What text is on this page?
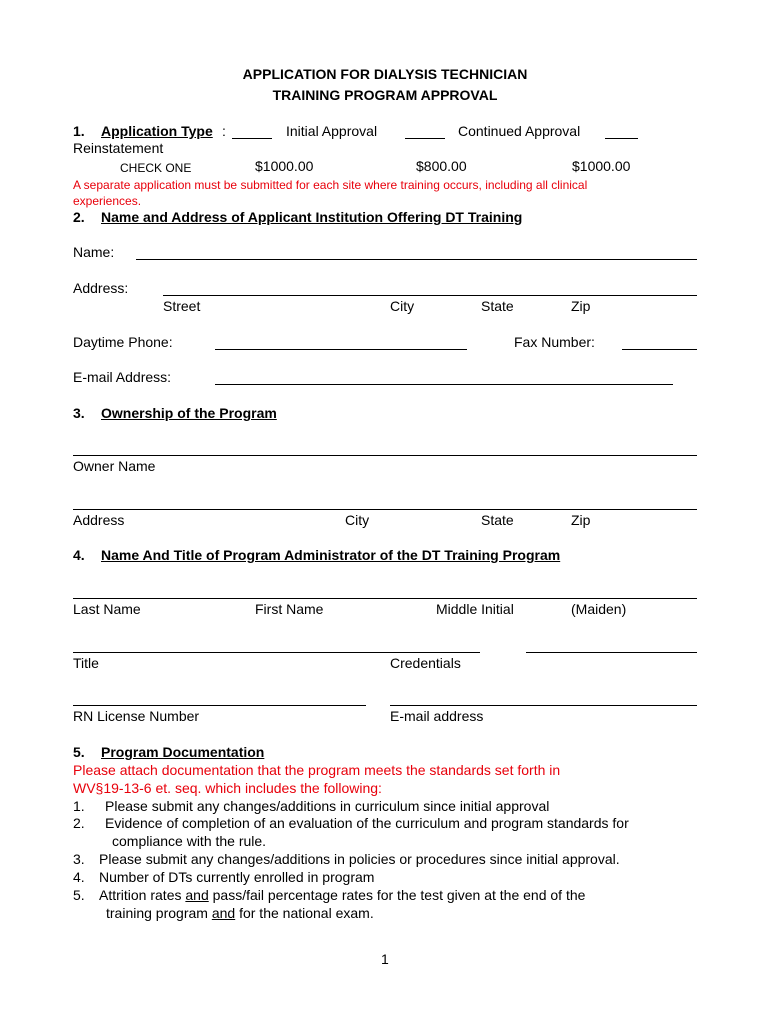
APPLICATION FOR DIALYSIS TECHNICIAN
TRAINING PROGRAM APPROVAL
1. Application Type :	Initial Approval	Continued Approval
Reinstatement
CHECK ONE	$1000.00	$800.00	$1000.00
A separate application must be submitted for each site where training occurs, including all clinical
experiences.
2. Name and Address of Applicant Institution Offering DT Training
Name:
Address:
Street	City	State	Zip
Daytime Phone:	Fax Number:
E-mail Address:
3. Ownership of the Program
Owner Name
Address	City	State	Zip
4. Name And Title of Program Administrator of the DT Training Program
Last Name	First Name	Middle Initial	(Maiden)
Title	Credentials
RN License Number	E-mail address
5. Program Documentation
Please attach documentation that the program meets the standards set forth in
WV§19-13-6 et. seq. which includes the following:
1. Please submit any changes/additions in curriculum since initial approval
2. Evidence of completion of an evaluation of the curriculum and program standards for
compliance with the rule.
3. Please submit any changes/additions in policies or procedures since initial approval.
4. Number of DTs currently enrolled in program
5. Attrition rates and pass/fail percentage rates for the test given at the end of the
training program and for the national exam.
1
